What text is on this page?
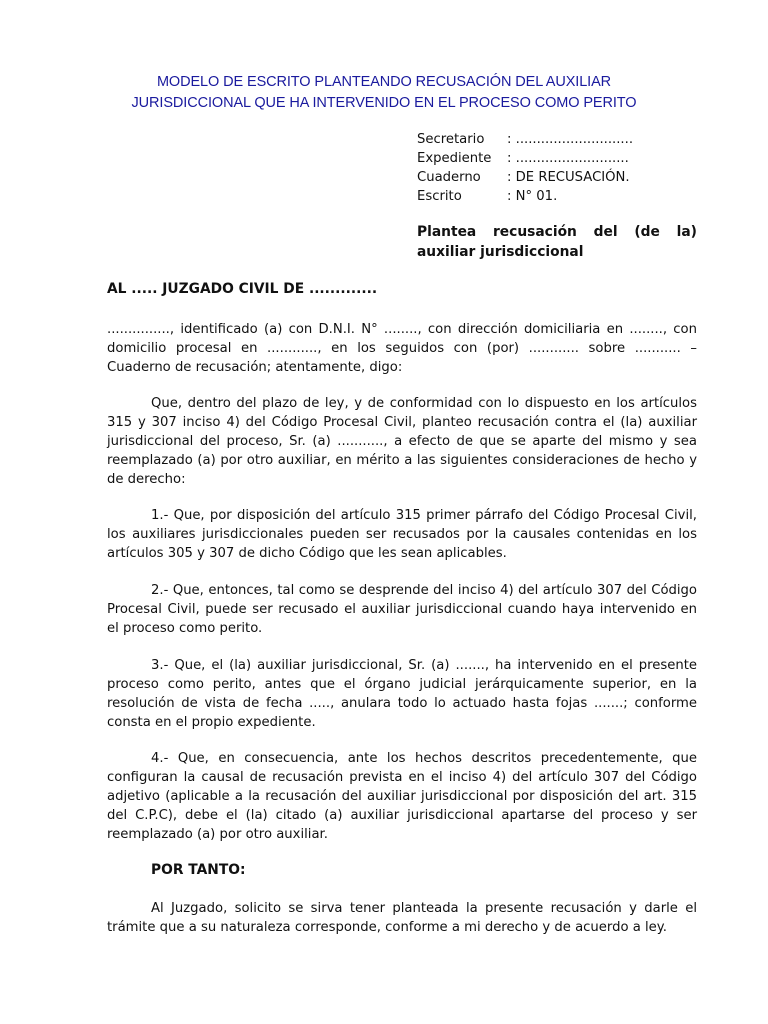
MODELO DE ESCRITO PLANTEANDO RECUSACIÓN DEL AUXILIAR
JURISDICCIONAL QUE HA INTERVENIDO EN EL PROCESO COMO PERITO
Secretario	: ............................
Expediente	: ...........................
Cuaderno	: DE RECUSACIÓN.
Escrito	: N° 01.
Plantea recusación del (de la)
auxiliar jurisdiccional
AL ..... JUZGADO CIVIL DE .............
..............., identificado (a) con D.N.I. N° ........, con dirección domiciliaria en ........, con domicilio procesal en ............, en los seguidos con (por) ............ sobre ........... – Cuaderno de recusación; atentamente, digo:
Que, dentro del plazo de ley, y de conformidad con lo dispuesto en los artículos 315 y 307 inciso 4) del Código Procesal Civil, planteo recusación contra el (la) auxiliar jurisdiccional del proceso, Sr. (a) ..........., a efecto de que se aparte del mismo y sea reemplazado (a) por otro auxiliar, en mérito a las siguientes consideraciones de hecho y de derecho:
1.- Que, por disposición del artículo 315 primer párrafo del Código Procesal Civil, los auxiliares jurisdiccionales pueden ser recusados por la causales contenidas en los artículos 305 y 307 de dicho Código que les sean aplicables.
2.- Que, entonces, tal como se desprende del inciso 4) del artículo 307 del Código Procesal Civil, puede ser recusado el auxiliar jurisdiccional cuando haya intervenido en el proceso como perito.
3.- Que, el (la) auxiliar jurisdiccional, Sr. (a) ......., ha intervenido en el presente proceso como perito, antes que el órgano judicial jerárquicamente superior, en la resolución de vista de fecha ....., anulara todo lo actuado hasta fojas .......; conforme consta en el propio expediente.
4.- Que, en consecuencia, ante los hechos descritos precedentemente, que configuran la causal de recusación prevista en el inciso 4) del artículo 307 del Código adjetivo (aplicable a la recusación del auxiliar jurisdiccional por disposición del art. 315 del C.P.C), debe el (la) citado (a) auxiliar jurisdiccional apartarse del proceso y ser reemplazado (a) por otro auxiliar.
POR TANTO:
Al Juzgado, solicito se sirva tener planteada la presente recusación y darle el trámite que a su naturaleza corresponde, conforme a mi derecho y de acuerdo a ley.
